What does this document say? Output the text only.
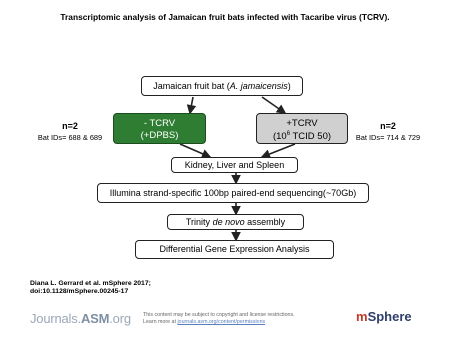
Transcriptomic analysis of Jamaican fruit bats infected with Tacaribe virus (TCRV).
Jamaican fruit bat (A. jamaicensis)
- TCRV
(+DPBS)
+TCRV
($10^6$ TCID 50)
n=2
Bat IDs= 688 & 689
n=2
Bat IDs= 714 & 729
Kidney, Liver and Spleen
Illumina strand-specific 100bp paired-end sequencing(~70Gb)
Trinity de novo assembly
Differential Gene Expression Analysis
Diana L. Gerrard et al. mSphere 2017;
doi:10.1128/mSphere.00245-17
Journals.ASM.org This content may be subject to copyright and license restrictions.
Learn more at journals.asm.org/content/permissions	mSphere
